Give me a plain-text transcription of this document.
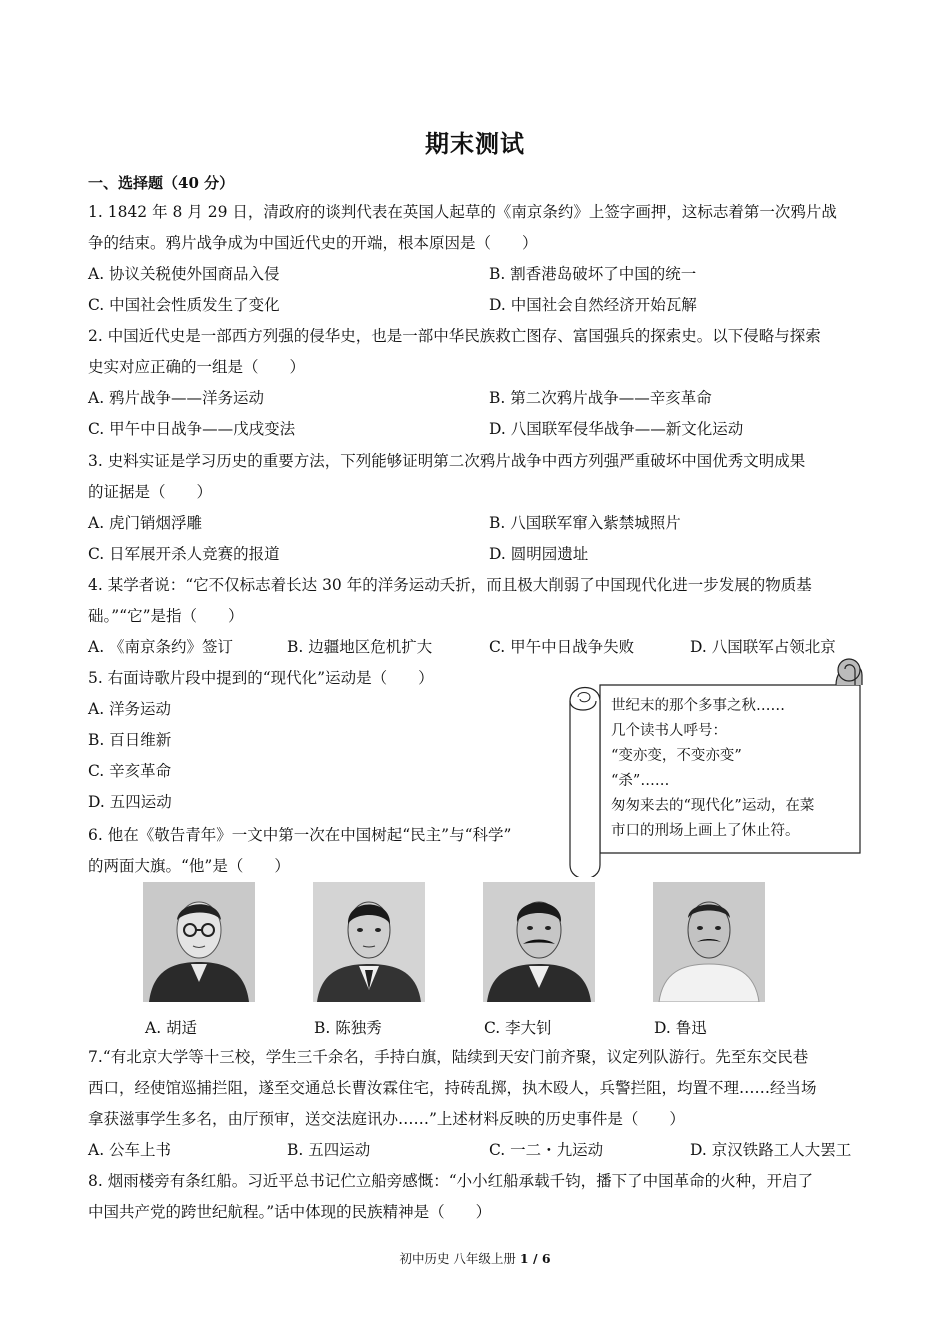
期末测试
一、选择题（40 分）
1. 1842 年 8 月 29 日，清政府的谈判代表在英国人起草的《南京条约》上签字画押，这标志着第一次鸦片战
争的结束。鸦片战争成为中国近代史的开端，根本原因是（　　）
A. 协议关税使外国商品入侵	B. 割香港岛破坏了中国的统一
C. 中国社会性质发生了变化	D. 中国社会自然经济开始瓦解
2. 中国近代史是一部西方列强的侵华史，也是一部中华民族救亡图存、富国强兵的探索史。以下侵略与探索
史实对应正确的一组是（　　）
A. 鸦片战争——洋务运动	B. 第二次鸦片战争——辛亥革命
C. 甲午中日战争——戊戌变法	D. 八国联军侵华战争——新文化运动
3. 史料实证是学习历史的重要方法，下列能够证明第二次鸦片战争中西方列强严重破坏中国优秀文明成果
的证据是（　　）
A. 虎门销烟浮雕	B. 八国联军窜入紫禁城照片
C. 日军展开杀人竞赛的报道	D. 圆明园遗址
4. 某学者说：“它不仅标志着长达 30 年的洋务运动夭折，而且极大削弱了中国现代化进一步发展的物质基
础。”“它”是指（　　）
A. 《南京条约》签订	B. 边疆地区危机扩大	C. 甲午中日战争失败	D. 八国联军占领北京
5. 右面诗歌片段中提到的“现代化”运动是（　　）
A. 洋务运动
B. 百日维新
C. 辛亥革命
D. 五四运动
世纪末的那个多事之秋……
几个读书人呼号：
“变亦变，不变亦变”
“杀”……
匆匆来去的“现代化”运动，在菜
市口的刑场上画上了休止符。
6. 他在《敬告青年》一文中第一次在中国树起“民主”与“科学”
的两面大旗。“他”是（　　）
A. 胡适	B. 陈独秀	C. 李大钊	D. 鲁迅
7.“有北京大学等十三校，学生三千余名，手持白旗，陆续到天安门前齐聚，议定列队游行。先至东交民巷
西口，经使馆巡捕拦阻，遂至交通总长曹汝霖住宅，持砖乱掷，执木殴人，兵警拦阻，均置不理……经当场
拿获滋事学生多名，由厅预审，送交法庭讯办……”上述材料反映的历史事件是（　　）
A. 公车上书	B. 五四运动	C. 一二・九运动	D. 京汉铁路工人大罢工
8. 烟雨楼旁有条红船。习近平总书记伫立船旁感慨：“小小红船承载千钧，播下了中国革命的火种，开启了
中国共产党的跨世纪航程。”话中体现的民族精神是（　　）
初中历史 八年级上册 1 / 6
